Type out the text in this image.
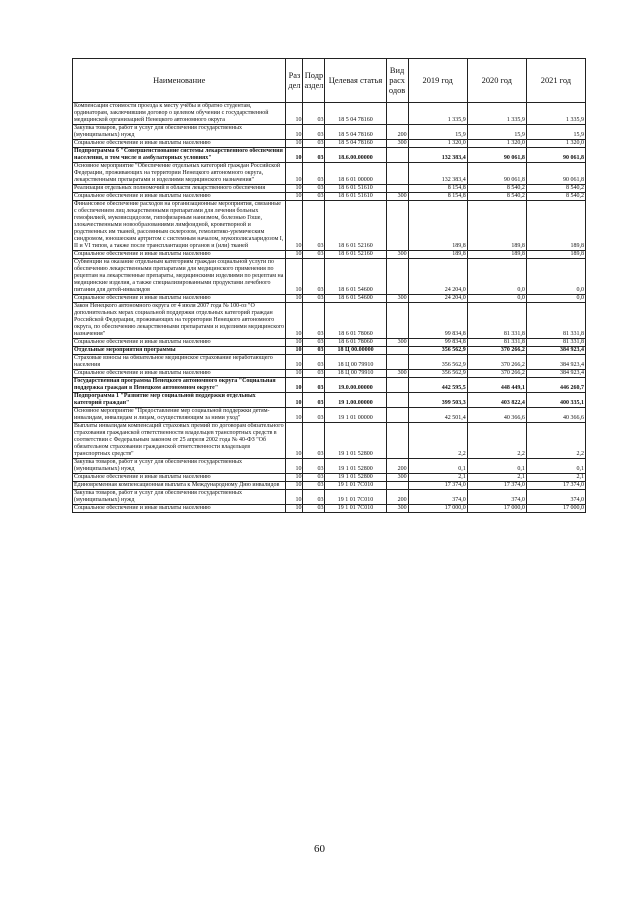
Наименование	Раздел	Подраздел	Целевая статья	Вид расходов	2019 год	2020 год	2021 год
Компенсация стоимости проезда к месту учёбы и обратно студентам, ординаторам, заключившим договор о целевом обучении с государственной медицинской организацией Ненецкого автономного округа	10	03	18 5 04 78160		1 335,9	1 335,9	1 335,9
Закупка товаров, работ и услуг для обеспечения государственных (муниципальных) нужд	10	03	18 5 04 78160	200	15,9	15,9	15,9
Социальное обеспечение и иные выплаты населению	10	03	18 5 04 78160	300	1 320,0	1 320,0	1 320,0
Подпрограмма 6 "Совершенствование системы лекарственного обеспечения населения, в том числе в амбулаторных условиях"	10	03	18.6.00.00000		132 383,4	90 061,8	90 061,8
Основное мероприятие "Обеспечение отдельных категорий граждан Российской Федерации, проживающих на территории Ненецкого автономного округа, лекарственными препаратами и изделиями медицинского назначения"	10	03	18 6 01 00000		132 383,4	90 061,8	90 061,8
Реализация отдельных полномочий в области лекарственного обеспечения	10	03	18 6 01 51610		8 154,8	8 540,2	8 540,2
Социальное обеспечение и иные выплаты населению	10	03	18 6 01 51610	300	8 154,8	8 540,2	8 540,2
Финансовое обеспечение расходов на организационные мероприятия, связанные с обеспечением лиц лекарственными препаратами для лечения больных гемофилией, муковисцидозом, гипофизарным нанизмом, болезнью Гоше, злокачественными новообразованиями лимфоидной, кроветворной и родственных им тканей, рассеянным склерозом, гемолитико-уремическим синдромом, юношеским артритом с системным началом, мукополисахаридозом I, II и VI типов, а также после трансплантации органов и (или) тканей	10	03	18 6 01 52160		189,8	189,8	189,8
Социальное обеспечение и иные выплаты населению	10	03	18 6 01 52160	300	189,8	189,8	189,8
Субвенции на оказание отдельным категориям граждан социальной услуги по обеспечению лекарственными препаратами для медицинского применения по рецептам на лекарственные препараты, медицинскими изделиями по рецептам на медицинские изделия, а также специализированными продуктами лечебного питания для детей-инвалидов	10	03	18 6 01 54600		24 204,0	0,0	0,0
Социальное обеспечение и иные выплаты населению	10	03	18 6 01 54600	300	24 204,0	0,0	0,0
Закон Ненецкого автономного округа от 4 июля 2007 года № 100-оз "О дополнительных мерах социальной поддержки отдельных категорий граждан Российской Федерации, проживающих на территории Ненецкого автономного округа, по обеспечению лекарственными препаратами и изделиями медицинского назначения"	10	03	18 6 01 78060		99 834,8	81 331,8	81 331,8
Социальное обеспечение и иные выплаты населению	10	03	18 6 01 78060	300	99 834,8	81 331,8	81 331,8
Отдельные мероприятия программы	10	03	18 Ц 00.00000		356 562,9	370 266,2	384 923,4
Страховые взносы на обязательное медицинское страхование неработающего населения	10	03	18 Ц 00 79910		356 562,9	370 266,2	384 923,4
Социальное обеспечение и иные выплаты населению	10	03	18 Ц 00 79910	300	356 562,9	370 266,2	384 923,4
Государственная программа Ненецкого автономного округа "Социальная поддержка граждан в Ненецком автономном округе"	10	03	19.0.00.00000		442 595,5	448 449,1	446 260,7
Подпрограмма 1 "Развитие мер социальной поддержки отдельных категорий граждан"	10	03	19 1.00.00000		399 503,3	403 822,4	400 335,1
Основное мероприятие "Предоставление мер социальной поддержки детям-инвалидам, инвалидам и лицам, осуществляющим за ними уход"	10	03	19 1 01 00000		42 501,4	40 366,6	40 366,6
Выплаты инвалидам компенсаций страховых премий по договорам обязательного страхования гражданской ответственности владельцев транспортных средств в соответствии с Федеральным законом от 25 апреля 2002 года № 40-ФЗ "Об обязательном страховании гражданской ответственности владельцев транспортных средств"	10	03	19 1 01 52800		2,2	2,2	2,2
Закупка товаров, работ и услуг для обеспечения государственных (муниципальных) нужд	10	03	19 1 01 52800	200	0,1	0,1	0,1
Социальное обеспечение и иные выплаты населению	10	03	19 1 01 52800	300	2,1	2,1	2,1
Единовременная компенсационная выплата к Международному Дню инвалидов	10	03	19 1 01 7С010		17 374,0	17 374,0	17 374,0
Закупка товаров, работ и услуг для обеспечения государственных (муниципальных) нужд	10	03	19 1 01 7С010	200	374,0	374,0	374,0
Социальное обеспечение и иные выплаты населению	10	03	19 1 01 7С010	300	17 000,0	17 000,0	17 000,0
60
